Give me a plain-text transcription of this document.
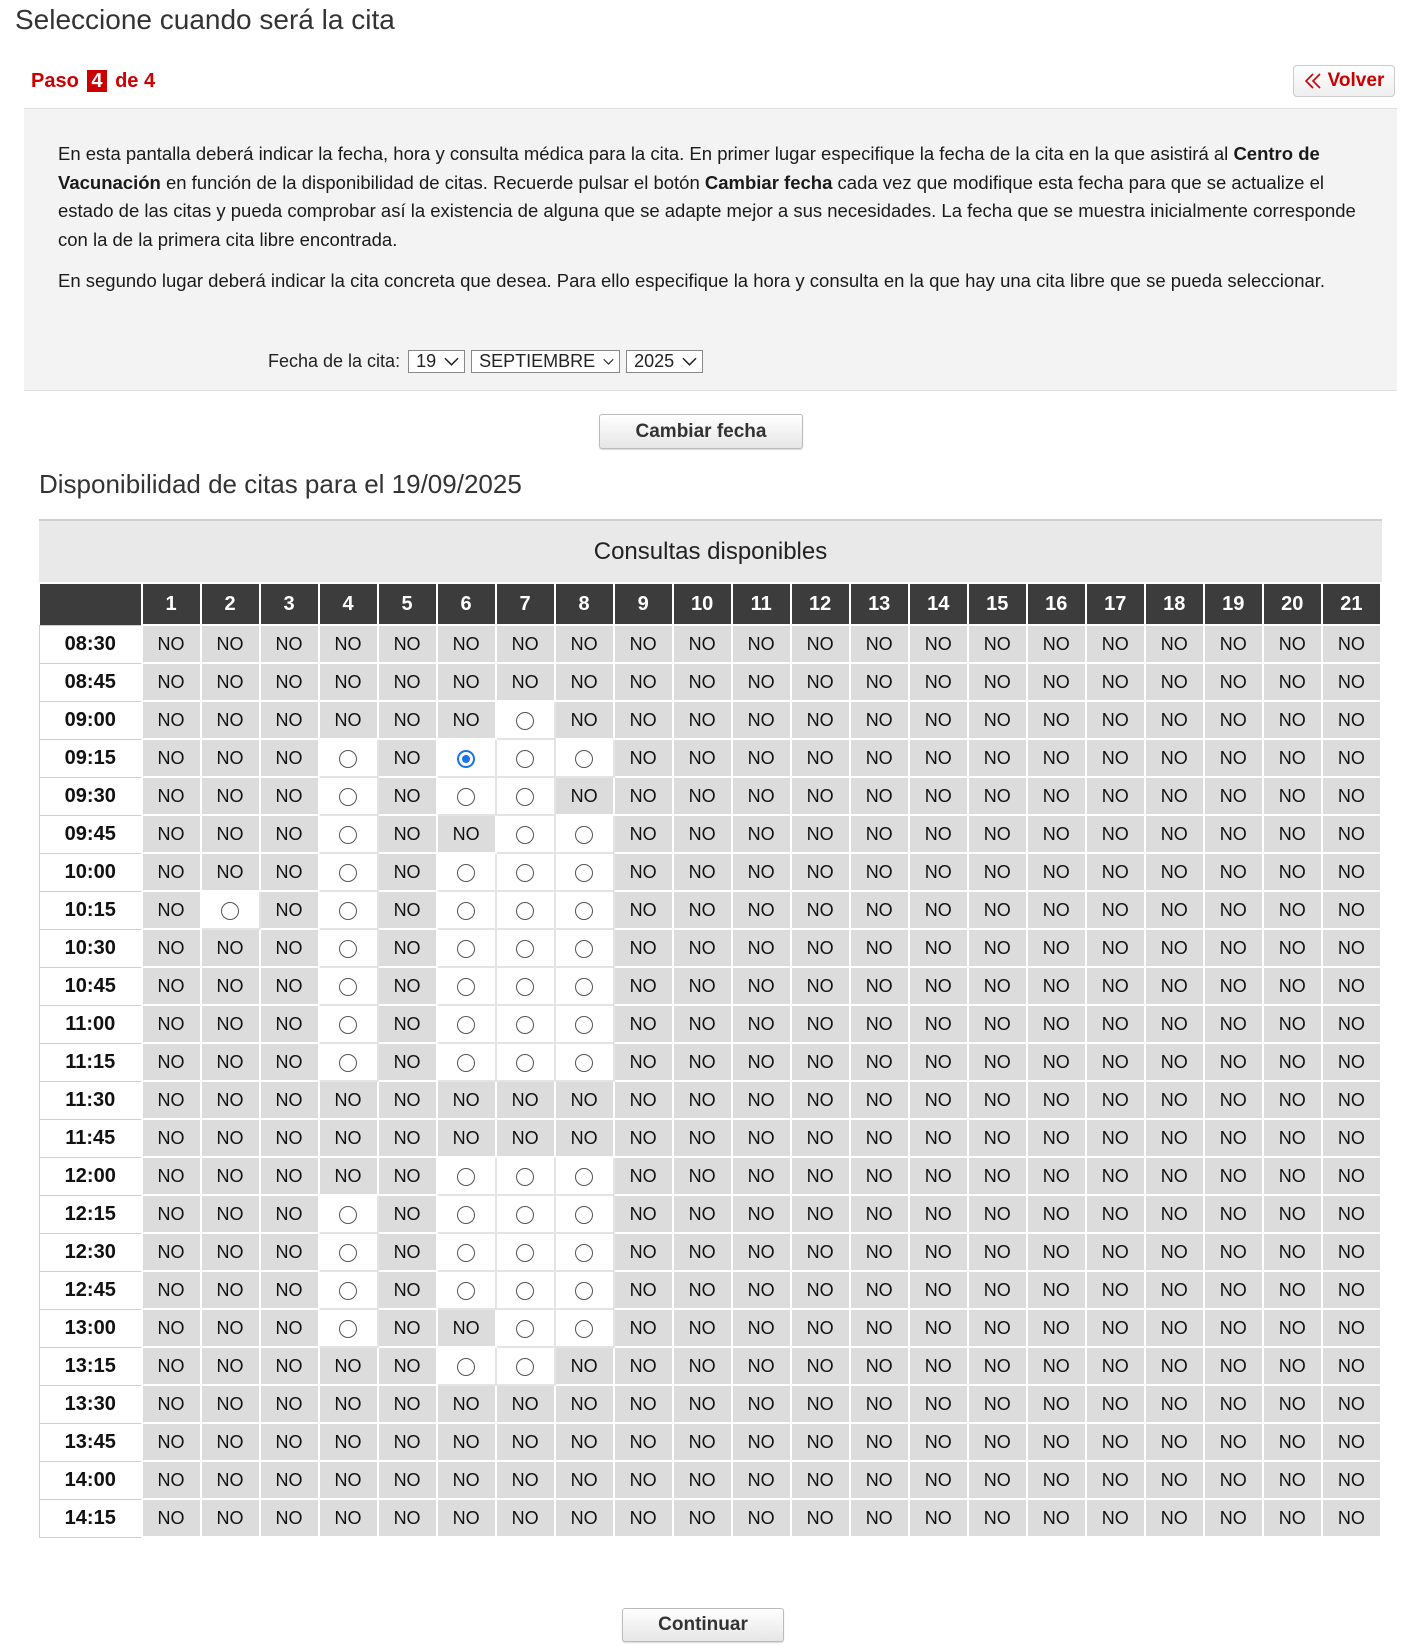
Seleccione cuando será la cita
Paso 4 de 4	Volver

En esta pantalla deberá indicar la fecha, hora y consulta médica para la cita. En primer lugar especifique la fecha de la cita en la que asistirá al Centro de Vacunación en función de la disponibilidad de citas. Recuerde pulsar el botón Cambiar fecha cada vez que modifique esta fecha para que se actualize el estado de las citas y pueda comprobar así la existencia de alguna que se adapte mejor a sus necesidades. La fecha que se muestra inicialmente corresponde con la de la primera cita libre encontrada.

En segundo lugar deberá indicar la cita concreta que desea. Para ello especifique la hora y consulta en la que hay una cita libre que se pueda seleccionar.

Fecha de la cita: 19 SEPTIEMBRE 2025
Cambiar fecha
Disponibilidad de citas para el 19/09/2025
Consultas disponibles
	1	2	3	4	5	6	7	8	9	10	11	12	13	14	15	16	17	18	19	20	21
08:30	NO	NO	NO	NO	NO	NO	NO	NO	NO	NO	NO	NO	NO	NO	NO	NO	NO	NO	NO	NO	NO
08:45	NO	NO	NO	NO	NO	NO	NO	NO	NO	NO	NO	NO	NO	NO	NO	NO	NO	NO	NO	NO	NO
09:00	NO	NO	NO	NO	NO	NO		NO	NO	NO	NO	NO	NO	NO	NO	NO	NO	NO	NO	NO	NO
09:15	NO	NO	NO		NO				NO	NO	NO	NO	NO	NO	NO	NO	NO	NO	NO	NO	NO
09:30	NO	NO	NO		NO			NO	NO	NO	NO	NO	NO	NO	NO	NO	NO	NO	NO	NO	NO
09:45	NO	NO	NO		NO	NO			NO	NO	NO	NO	NO	NO	NO	NO	NO	NO	NO	NO	NO
10:00	NO	NO	NO		NO				NO	NO	NO	NO	NO	NO	NO	NO	NO	NO	NO	NO	NO
10:15	NO		NO		NO				NO	NO	NO	NO	NO	NO	NO	NO	NO	NO	NO	NO	NO
10:30	NO	NO	NO		NO				NO	NO	NO	NO	NO	NO	NO	NO	NO	NO	NO	NO	NO
10:45	NO	NO	NO		NO				NO	NO	NO	NO	NO	NO	NO	NO	NO	NO	NO	NO	NO
11:00	NO	NO	NO		NO				NO	NO	NO	NO	NO	NO	NO	NO	NO	NO	NO	NO	NO
11:15	NO	NO	NO		NO				NO	NO	NO	NO	NO	NO	NO	NO	NO	NO	NO	NO	NO
11:30	NO	NO	NO	NO	NO	NO	NO	NO	NO	NO	NO	NO	NO	NO	NO	NO	NO	NO	NO	NO	NO
11:45	NO	NO	NO	NO	NO	NO	NO	NO	NO	NO	NO	NO	NO	NO	NO	NO	NO	NO	NO	NO	NO
12:00	NO	NO	NO	NO	NO				NO	NO	NO	NO	NO	NO	NO	NO	NO	NO	NO	NO	NO
12:15	NO	NO	NO		NO				NO	NO	NO	NO	NO	NO	NO	NO	NO	NO	NO	NO	NO
12:30	NO	NO	NO		NO				NO	NO	NO	NO	NO	NO	NO	NO	NO	NO	NO	NO	NO
12:45	NO	NO	NO		NO				NO	NO	NO	NO	NO	NO	NO	NO	NO	NO	NO	NO	NO
13:00	NO	NO	NO		NO	NO			NO	NO	NO	NO	NO	NO	NO	NO	NO	NO	NO	NO	NO
13:15	NO	NO	NO	NO	NO			NO	NO	NO	NO	NO	NO	NO	NO	NO	NO	NO	NO	NO	NO
13:30	NO	NO	NO	NO	NO	NO	NO	NO	NO	NO	NO	NO	NO	NO	NO	NO	NO	NO	NO	NO	NO
13:45	NO	NO	NO	NO	NO	NO	NO	NO	NO	NO	NO	NO	NO	NO	NO	NO	NO	NO	NO	NO	NO
14:00	NO	NO	NO	NO	NO	NO	NO	NO	NO	NO	NO	NO	NO	NO	NO	NO	NO	NO	NO	NO	NO
14:15	NO	NO	NO	NO	NO	NO	NO	NO	NO	NO	NO	NO	NO	NO	NO	NO	NO	NO	NO	NO	NO
Continuar
